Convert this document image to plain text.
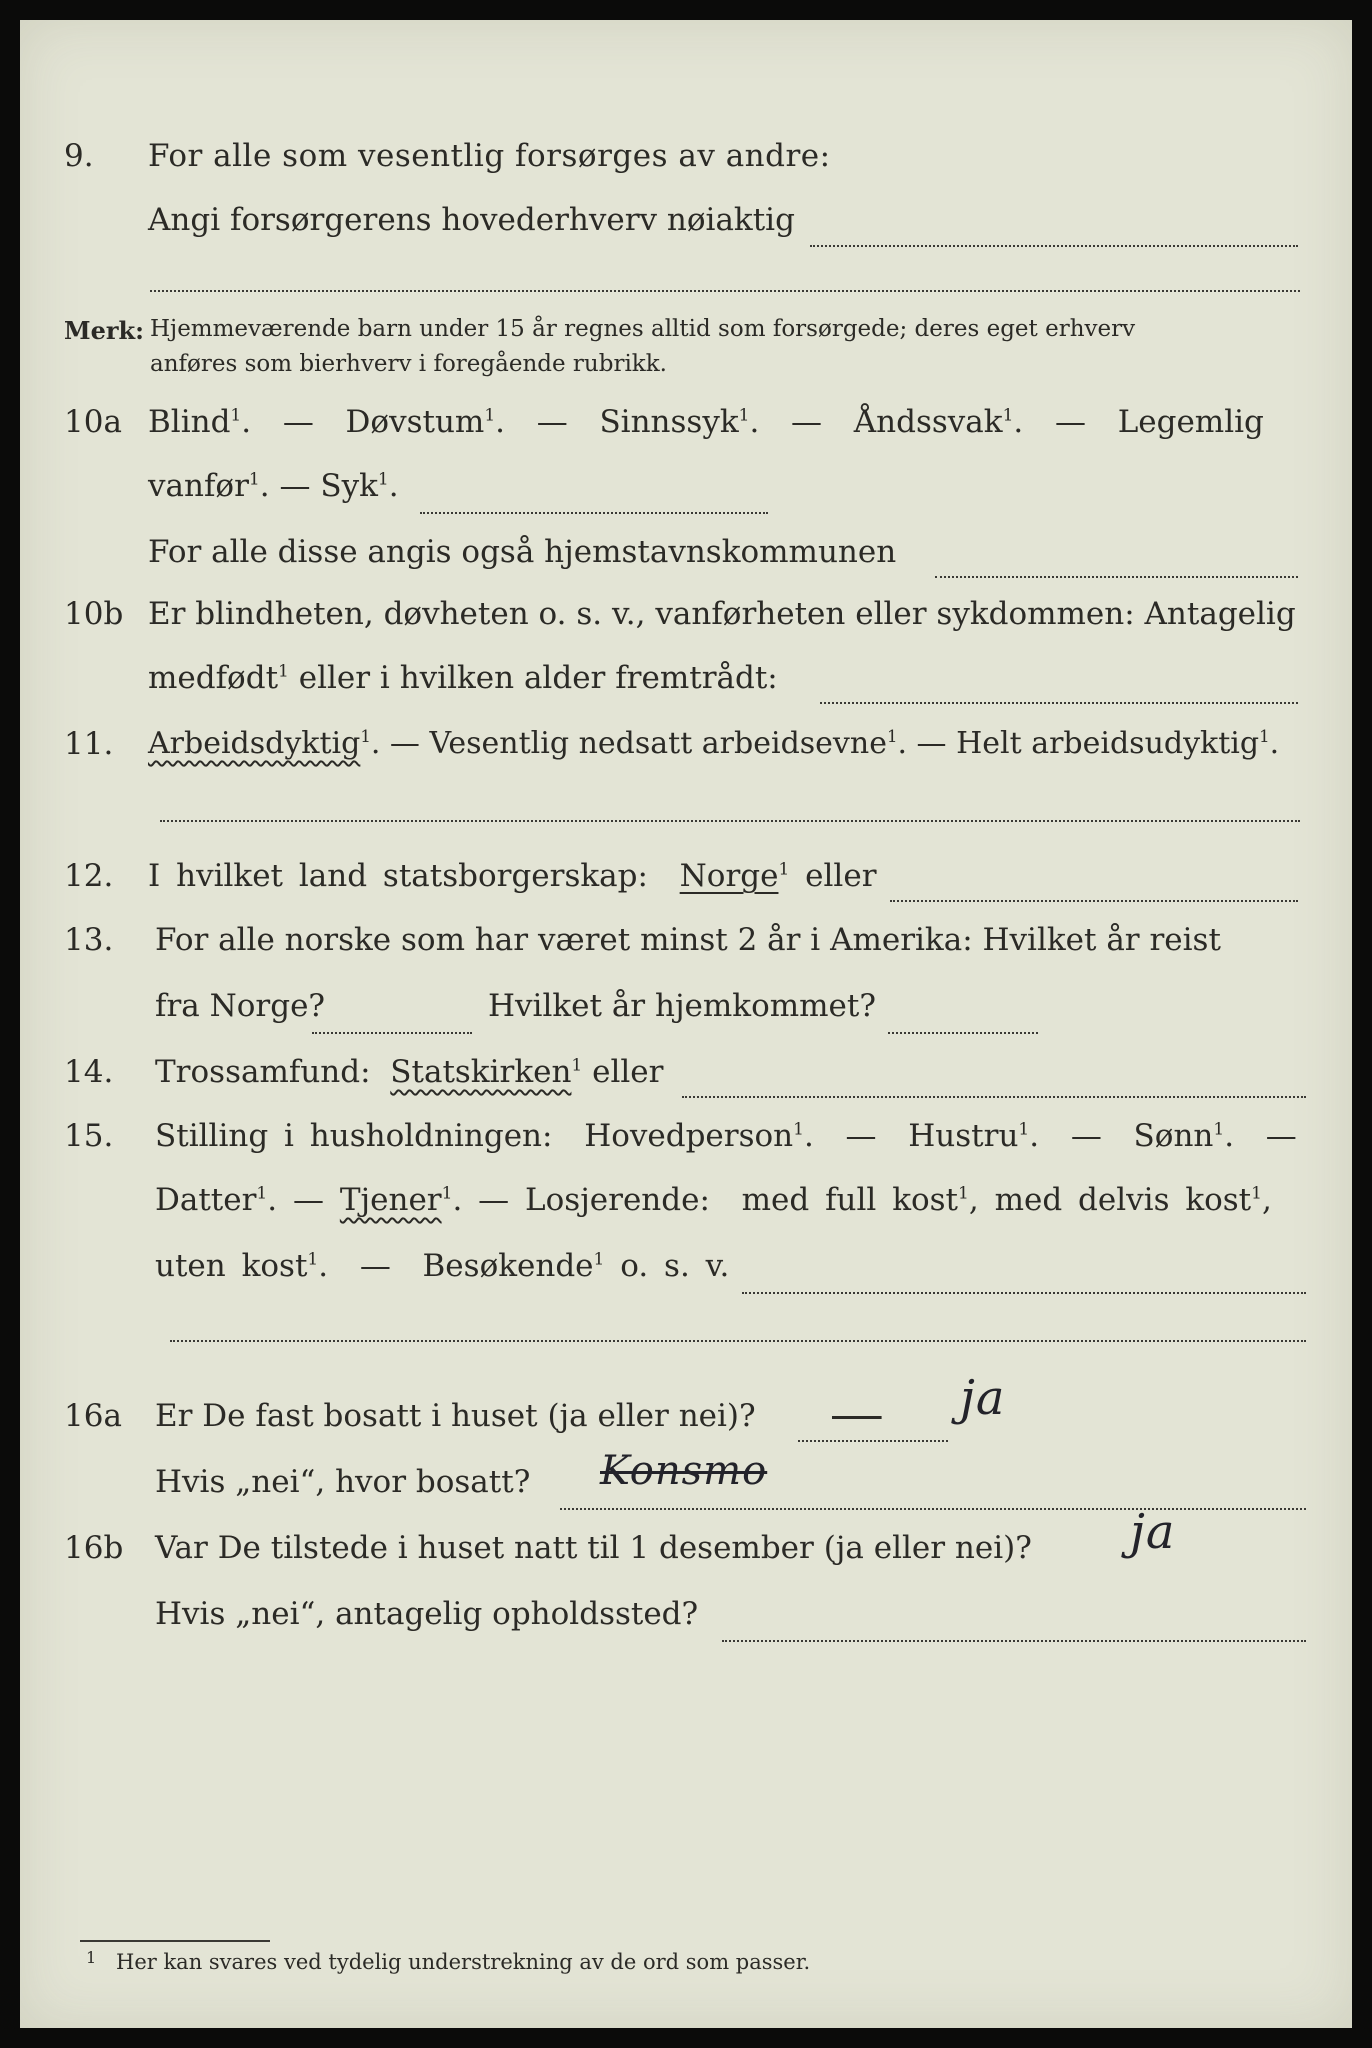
9. For alle som vesentlig forsørges av andre:
Angi forsørgerens hovederhverv nøiaktig
Merk: Hjemmeværende barn under 15 år regnes alltid som forsørgede; deres eget erhverv
anføres som bierhverv i foregående rubrikk.
10a Blind$^1$.  — Døvstum$^1$.  — Sinnssyk$^1$.  — Åndssvak$^1$.  — Legemlig
vanfør$^1$. — Syk$^1$.
For alle disse angis også hjemstavnskommunen
10b Er blindheten, døvheten o. s. v., vanførheten eller sykdommen: Antagelig
medfødt$^1$ eller i hvilken alder fremtrådt:
11. Arbeidsdyktig$^1$. — Vesentlig nedsatt arbeidsevne$^1$. — Helt arbeidsudyktig$^1$.
12. I hvilket land statsborgerskap: Norge$^1$ eller
13. For alle norske som har været minst 2 år i Amerika: Hvilket år reist
fra Norge?	Hvilket år hjemkommet?
14. Trossamfund: Statskirken$^1$ eller
15. Stilling i husholdningen: Hovedperson$^1$.  — Hustru$^1$.  — Sønn$^1$.  —
Datter$^1$. — Tjener$^1$. — Losjerende: med full kost$^1$, med delvis kost$^1$,
uten kost$^1$.  — Besøkende$^1$ o. s. v.
16a Er De fast bosatt i huset (ja eller nei)?
	ja
Hvis „nei“, hvor bosatt? Konsmo
16b Var De tilstede i huset natt til 1 desember (ja eller nei)? ja
Hvis „nei“, antagelig opholdssted?
1 Her kan svares ved tydelig understrekning av de ord som passer.
